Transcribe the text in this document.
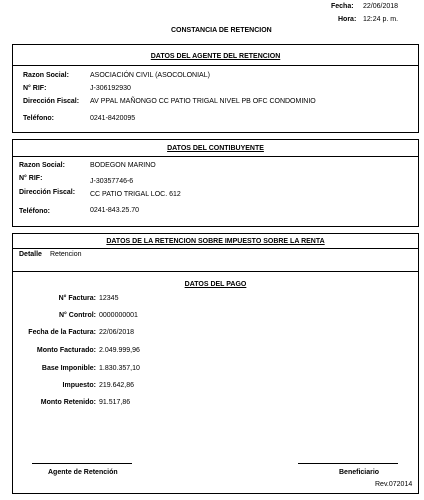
Fecha: 22/06/2018
Hora: 12:24 p. m.
CONSTANCIA DE RETENCION
DATOS DEL AGENTE DEL RETENCION
Razon Social:	ASOCIACIÓN CIVIL (ASOCOLONIAL)
N° RIF:	J-306192930
Dirección Fiscal: AV PPAL MAÑONGO CC PATIO TRIGAL NIVEL PB OFC CONDOMINIO
Teléfono:	0241-8420095
DATOS DEL CONTIBUYENTE
Razon Social:	BODEGON MARINO
N° RIF:	J-30357746-6
Dirección Fiscal: CC PATIO TRIGAL LOC. 612
Teléfono:	0241-843.25.70
DATOS DE LA RETENCION SOBRE IMPUESTO SOBRE LA RENTA
Detalle Retencion
DATOS DEL PAGO
N° Factura: 12345
N° Control: 0000000001
Fecha de la Factura: 22/06/2018
Monto Facturado: 2.049.999,96
Base Imponible: 1.830.357,10
Impuesto: 219.642,86
Monto Retenido: 91.517,86
Agente de Retención	Beneficiario
Rev.072014
